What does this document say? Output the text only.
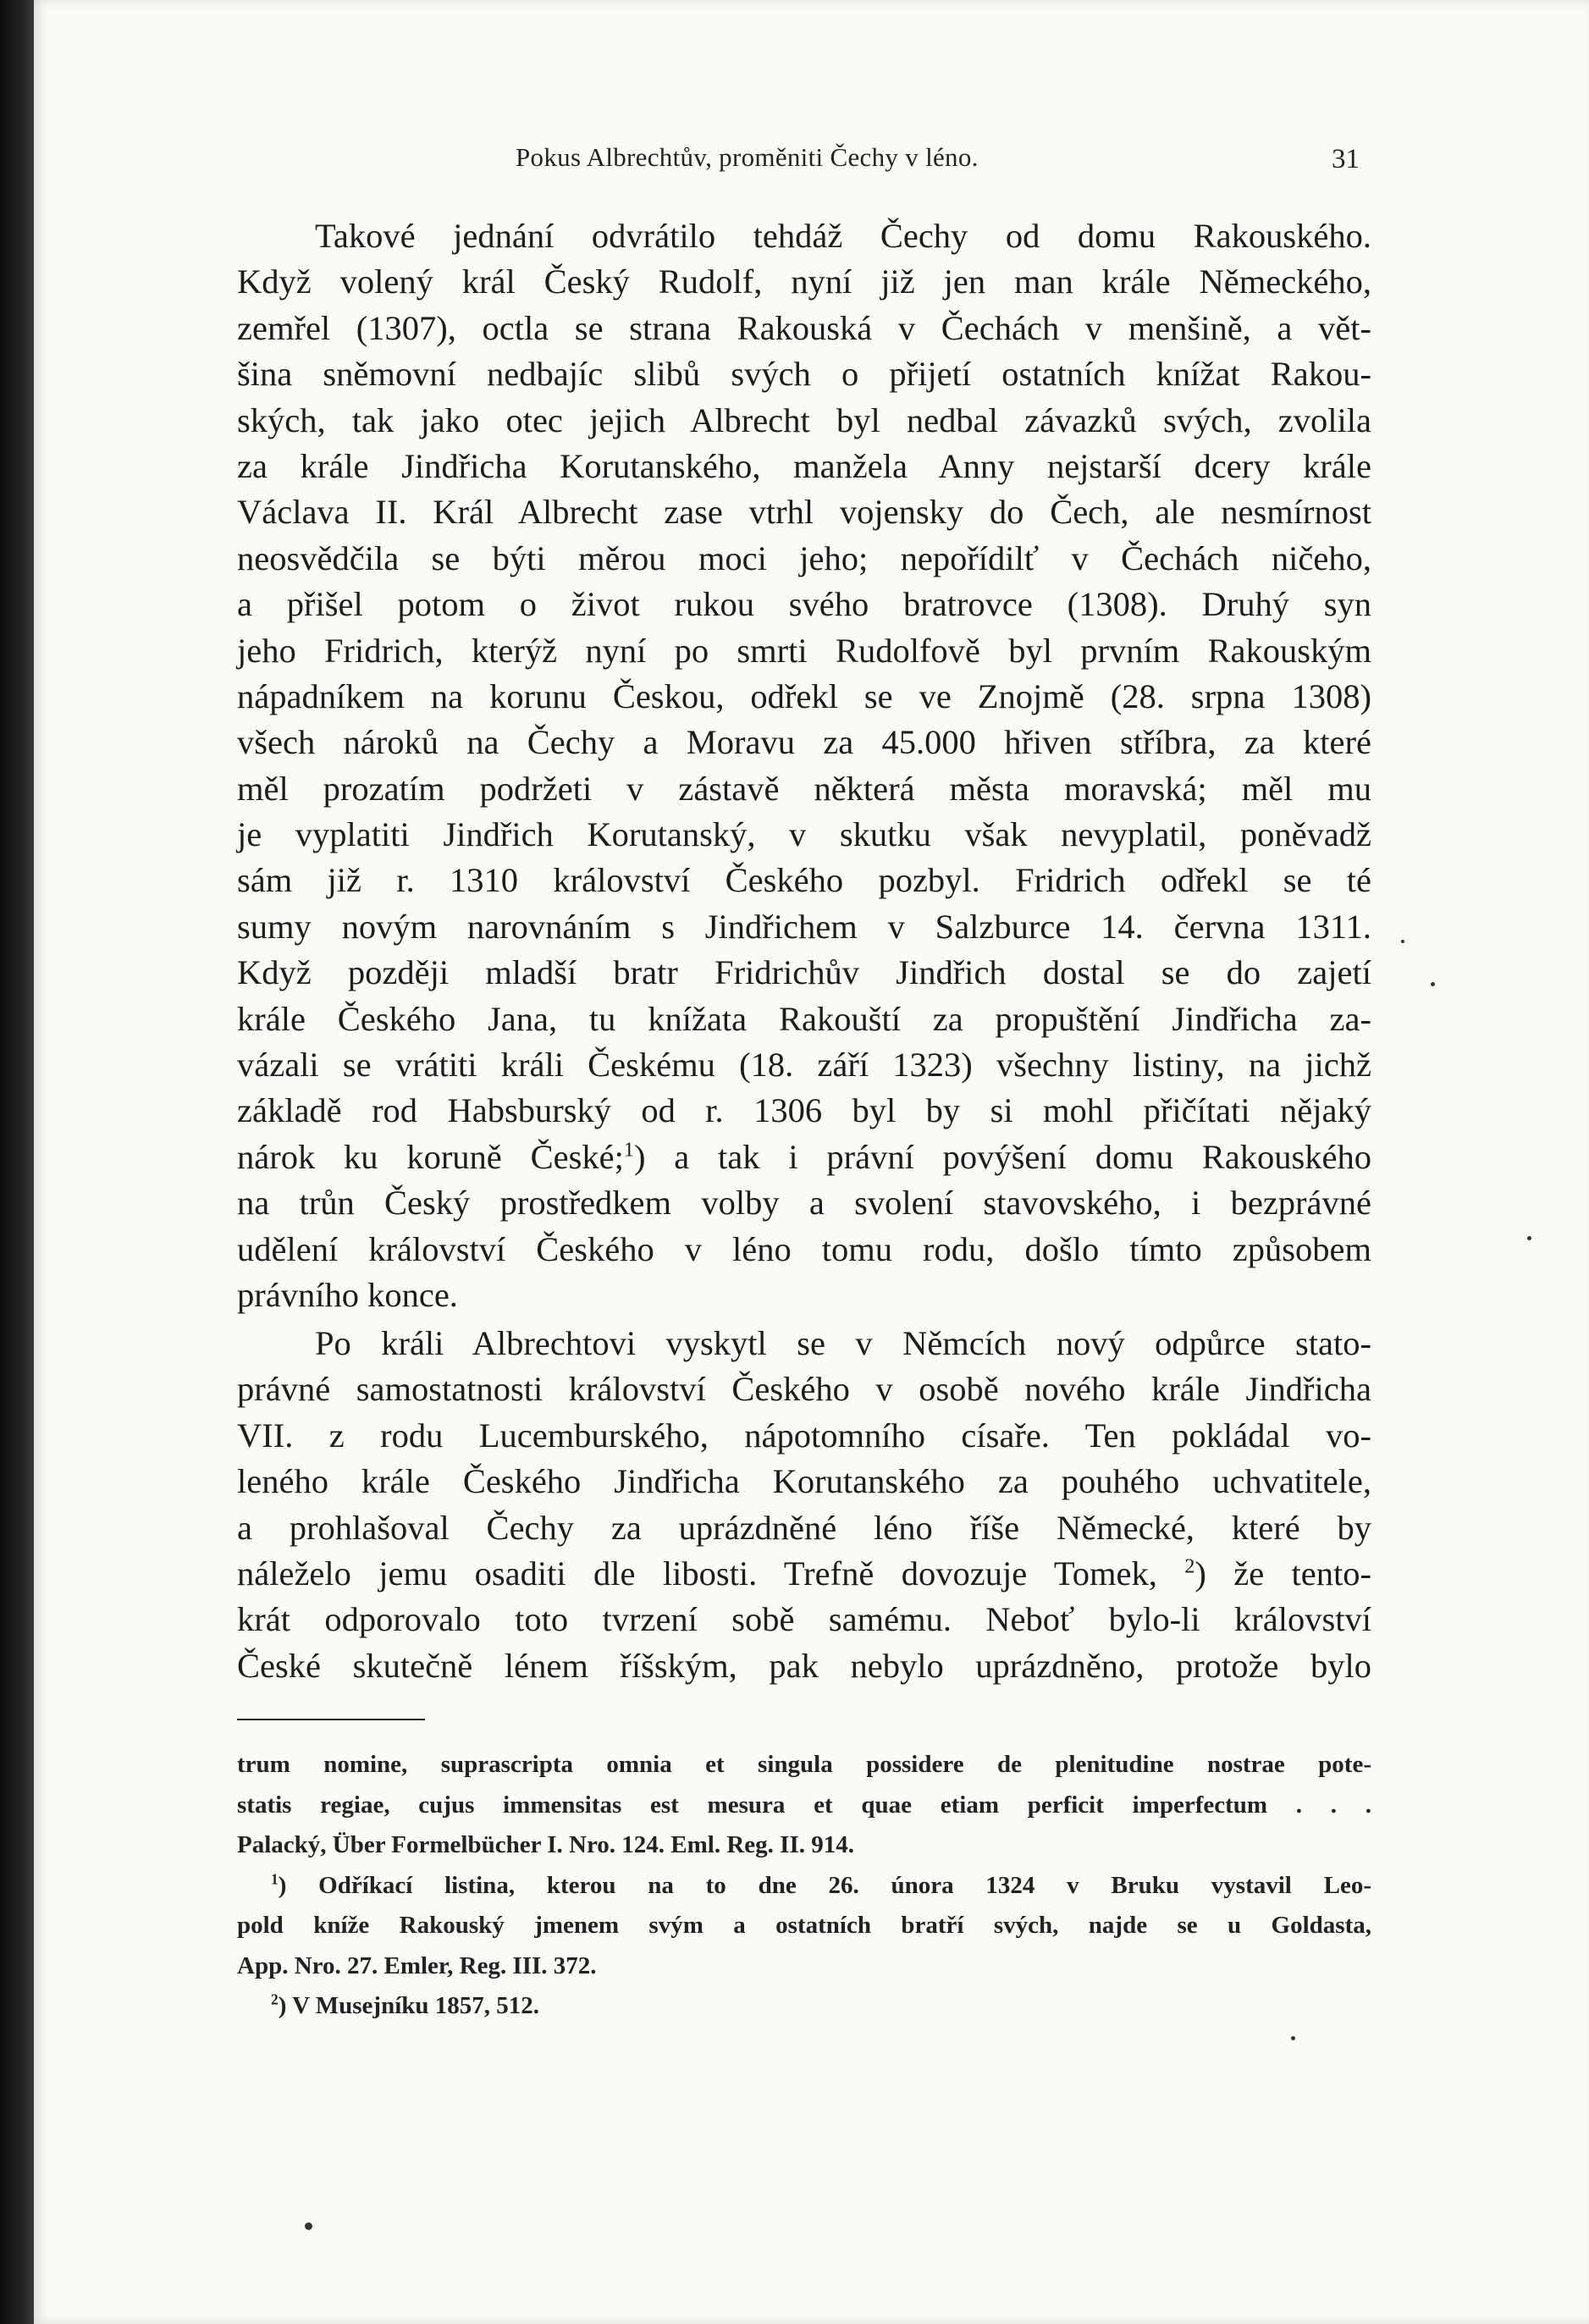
Pokus Albrechtův, proměniti Čechy v léno.	31
Takové jednání odvrátilo tehdáž Čechy od domu Rakouského.
Když volený král Český Rudolf, nyní již jen man krále Německého,
zemřel (1307), octla se strana Rakouská v Čechách v menšině, a vět-
šina sněmovní nedbajíc slibů svých o přijetí ostatních knížat Rakou-
ských, tak jako otec jejich Albrecht byl nedbal závazků svých, zvolila
za krále Jindřicha Korutanského, manžela Anny nejstarší dcery krále
Václava II. Král Albrecht zase vtrhl vojensky do Čech, ale nesmírnost
neosvědčila se býti měrou moci jeho; nepořídilť v Čechách ničeho,
a přišel potom o život rukou svého bratrovce (1308). Druhý syn
jeho Fridrich, kterýž nyní po smrti Rudolfově byl prvním Rakouským
nápadníkem na korunu Českou, odřekl se ve Znojmě (28. srpna 1308)
všech nároků na Čechy a Moravu za 45.000 hřiven stříbra, za které
měl prozatím podržeti v zástavě některá města moravská; měl mu
je vyplatiti Jindřich Korutanský, v skutku však nevyplatil, poněvadž
sám již r. 1310 království Českého pozbyl. Fridrich odřekl se té
sumy novým narovnáním s Jindřichem v Salzburce 14. června 1311.
Když později mladší bratr Fridrichův Jindřich dostal se do zajetí
krále Českého Jana, tu knížata Rakouští za propuštění Jindřicha za-
vázali se vrátiti králi Českému (18. září 1323) všechny listiny, na jichž
základě rod Habsburský od r. 1306 byl by si mohl přičítati nějaký
nárok ku koruně České;$^1$) a tak i právní povýšení domu Rakouského
na trůn Český prostředkem volby a svolení stavovského, i bezprávné
udělení království Českého v léno tomu rodu, došlo tímto způsobem
právního konce.
Po králi Albrechtovi vyskytl se v Němcích nový odpůrce stato-
právné samostatnosti království Českého v osobě nového krále Jindřicha
VII. z rodu Lucemburského, nápotomního císaře. Ten pokládal vo-
leného krále Českého Jindřicha Korutanského za pouhého uchvatitele,
a prohlašoval Čechy za uprázdněné léno říše Německé, které by
náleželo jemu osaditi dle libosti. Trefně dovozuje Tomek, $^2$) že tento-
krát odporovalo toto tvrzení sobě samému. Neboť bylo-li království
České skutečně lénem říšským, pak nebylo uprázdněno, protože bylo
trum nomine, suprascripta omnia et singula possidere de plenitudine nostrae pote-
statis regiae, cujus immensitas est mesura et quae etiam perficit imperfectum . . .
Palacký, Über Formelbücher I. Nro. 124. Eml. Reg. II. 914.
$^1$) Odříkací listina, kterou na to dne 26. února 1324 v Bruku vystavil Leo-
pold kníže Rakouský jmenem svým a ostatních bratří svých, najde se u Goldasta,
App. Nro. 27. Emler, Reg. III. 372.
$^2$) V Musejníku 1857, 512.
